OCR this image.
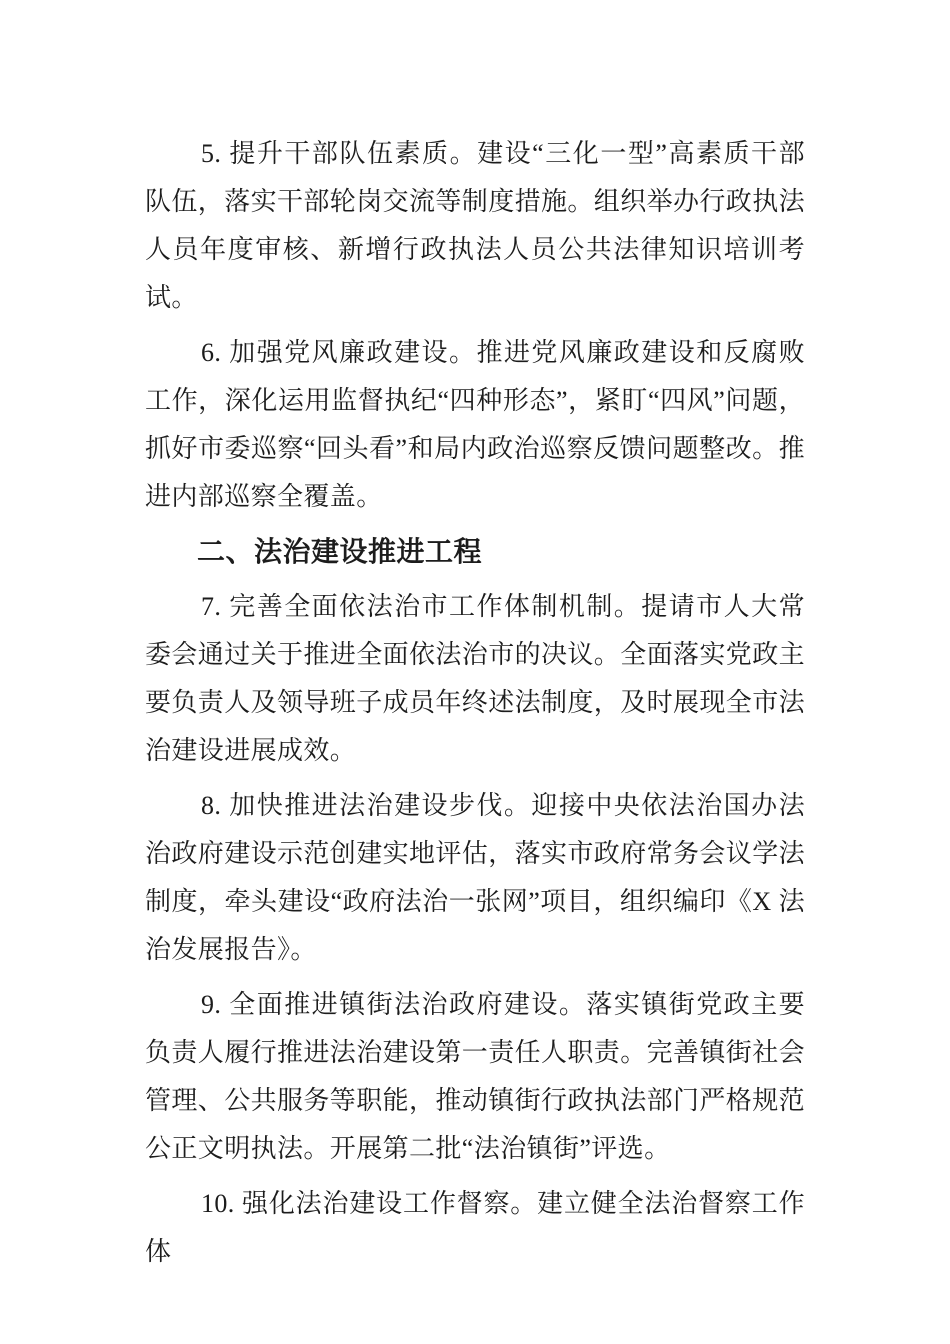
5. 提升干部队伍素质。建设“三化一型”高素质干部队伍，落实干部轮岗交流等制度措施。组织举办行政执法人员年度审核、新增行政执法人员公共法律知识培训考试。

6. 加强党风廉政建设。推进党风廉政建设和反腐败工作，深化运用监督执纪“四种形态”，紧盯“四风”问题，抓好市委巡察“回头看”和局内政治巡察反馈问题整改。推进内部巡察全覆盖。

二、法治建设推进工程

7. 完善全面依法治市工作体制机制。提请市人大常委会通过关于推进全面依法治市的决议。全面落实党政主要负责人及领导班子成员年终述法制度，及时展现全市法治建设进展成效。

8. 加快推进法治建设步伐。迎接中央依法治国办法治政府建设示范创建实地评估，落实市政府常务会议学法制度，牵头建设“政府法治一张网”项目，组织编印《X 法治发展报告》。

9. 全面推进镇街法治政府建设。落实镇街党政主要负责人履行推进法治建设第一责任人职责。完善镇街社会管理、公共服务等职能，推动镇街行政执法部门严格规范公正文明执法。开展第二批“法治镇街”评选。

10. 强化法治建设工作督察。建立健全法治督察工作体
